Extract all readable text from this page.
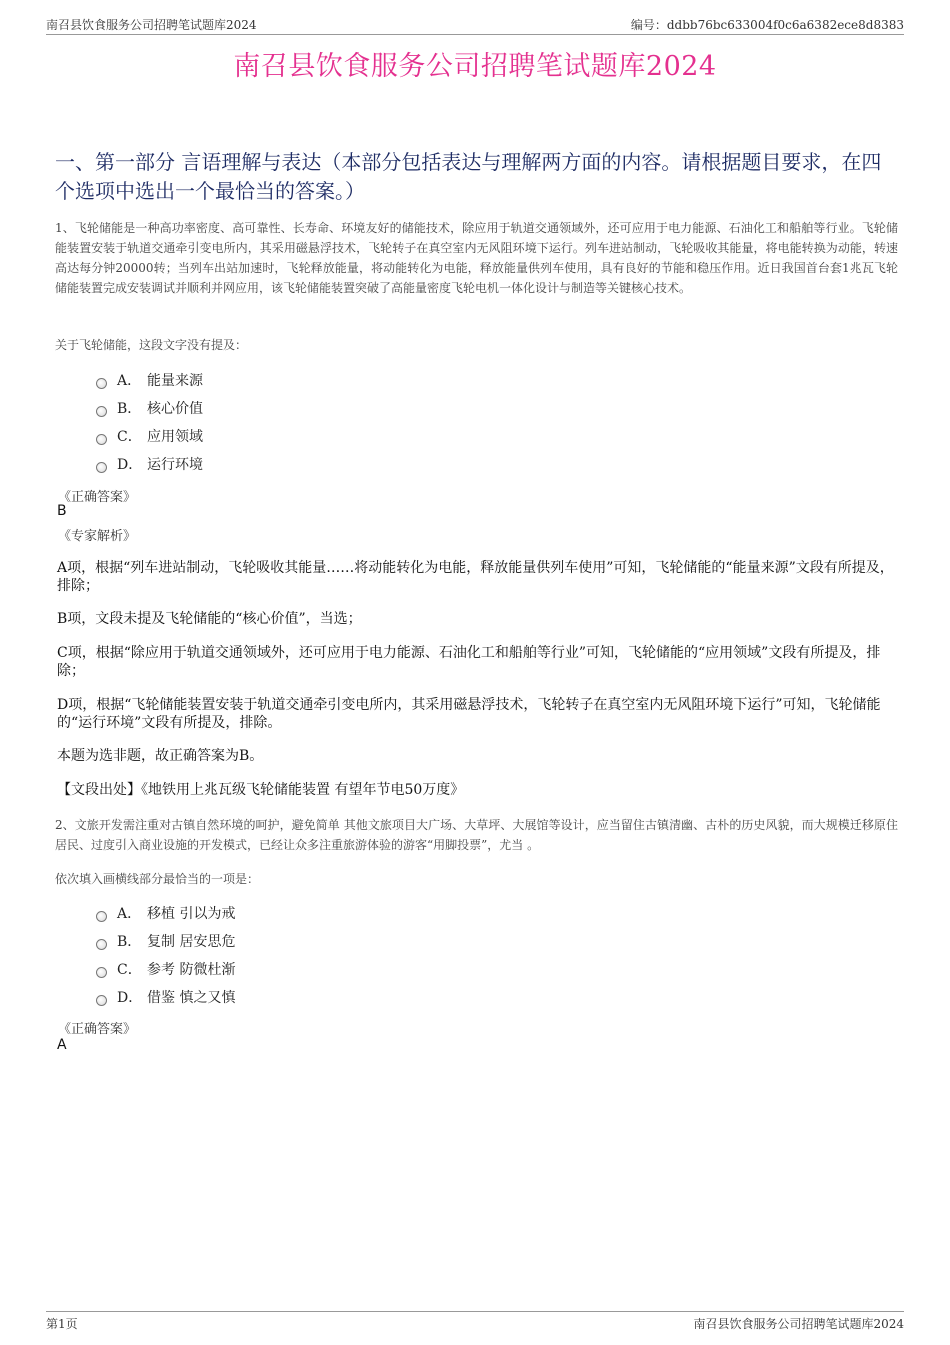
南召县饮食服务公司招聘笔试题库2024	编号：ddbb76bc633004f0c6a6382ece8d8383
南召县饮食服务公司招聘笔试题库2024
一、第一部分 言语理解与表达（本部分包括表达与理解两方面的内容。请根据题目要求，在四个选项中选出一个最恰当的答案。）
1、飞轮储能是一种高功率密度、高可靠性、长寿命、环境友好的储能技术，除应用于轨道交通领域外，还可应用于电力能源、石油化工和船舶等行业。飞轮储能装置安装于轨道交通牵引变电所内，其采用磁悬浮技术，飞轮转子在真空室内无风阻环境下运行。列车进站制动，飞轮吸收其能量，将电能转换为动能，转速高达每分钟20000转；当列车出站加速时，飞轮释放能量，将动能转化为电能，释放能量供列车使用，具有良好的节能和稳压作用。近日我国首台套1兆瓦飞轮储能装置完成安装调试并顺利并网应用，该飞轮储能装置突破了高能量密度飞轮电机一体化设计与制造等关键核心技术。
关于飞轮储能，这段文字没有提及：
A． 能量来源
B． 核心价值
C． 应用领域
D． 运行环境
《正确答案》
B
《专家解析》
A项，根据“列车进站制动，飞轮吸收其能量……将动能转化为电能，释放能量供列车使用”可知，飞轮储能的“能量来源”文段有所提及，排除；
B项，文段未提及飞轮储能的“核心价值”，当选；
C项，根据“除应用于轨道交通领域外，还可应用于电力能源、石油化工和船舶等行业”可知，飞轮储能的“应用领域”文段有所提及，排除；
D项，根据“飞轮储能装置安装于轨道交通牵引变电所内，其采用磁悬浮技术，飞轮转子在真空室内无风阻环境下运行”可知，飞轮储能的“运行环境”文段有所提及，排除。
本题为选非题，故正确答案为B。
【文段出处】《地铁用上兆瓦级飞轮储能装置 有望年节电50万度》
2、文旅开发需注重对古镇自然环境的呵护，避免简单 其他文旅项目大广场、大草坪、大展馆等设计，应当留住古镇清幽、古朴的历史风貌，而大规模迁移原住居民、过度引入商业设施的开发模式，已经让众多注重旅游体验的游客“用脚投票”，尤当 。
依次填入画横线部分最恰当的一项是：
A． 移植 引以为戒
B． 复制 居安思危
C． 参考 防微杜渐
D． 借鉴 慎之又慎
《正确答案》
A
第1页	南召县饮食服务公司招聘笔试题库2024
